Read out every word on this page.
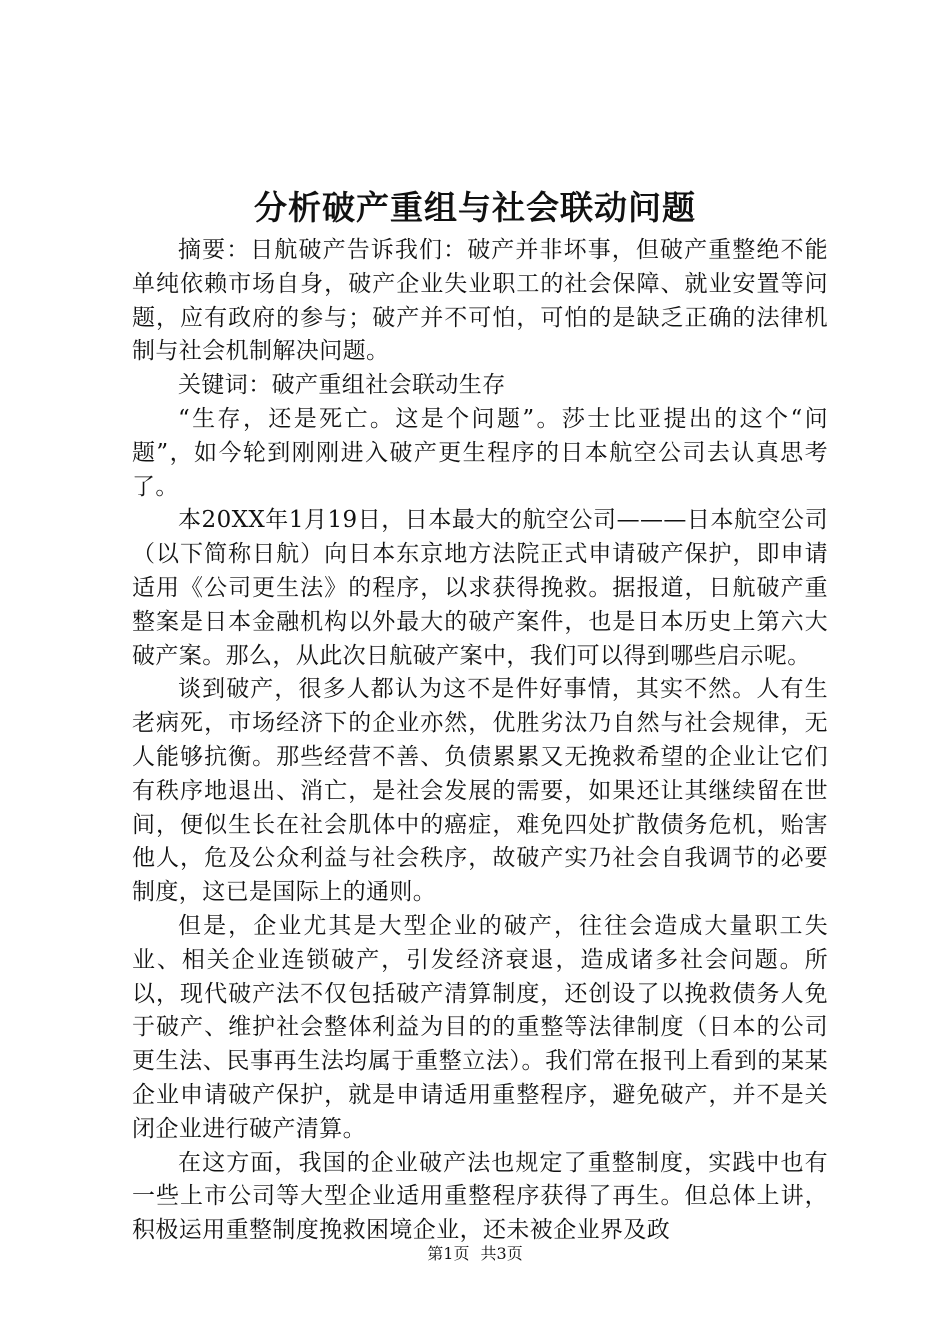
分析破产重组与社会联动问题

摘要：日航破产告诉我们：破产并非坏事，但破产重整绝不能单纯依赖市场自身，破产企业失业职工的社会保障、就业安置等问题，应有政府的参与；破产并不可怕，可怕的是缺乏正确的法律机制与社会机制解决问题。

关键词：破产重组社会联动生存

“生存，还是死亡。这是个问题”。莎士比亚提出的这个“问题”，如今轮到刚刚进入破产更生程序的日本航空公司去认真思考了。

本20XX年1月19日，日本最大的航空公司———日本航空公司（以下简称日航）向日本东京地方法院正式申请破产保护，即申请适用《公司更生法》的程序，以求获得挽救。据报道，日航破产重整案是日本金融机构以外最大的破产案件，也是日本历史上第六大破产案。那么，从此次日航破产案中，我们可以得到哪些启示呢。

谈到破产，很多人都认为这不是件好事情，其实不然。人有生老病死，市场经济下的企业亦然，优胜劣汰乃自然与社会规律，无人能够抗衡。那些经营不善、负债累累又无挽救希望的企业让它们有秩序地退出、消亡，是社会发展的需要，如果还让其继续留在世间，便似生长在社会肌体中的癌症，难免四处扩散债务危机，贻害他人，危及公众利益与社会秩序，故破产实乃社会自我调节的必要制度，这已是国际上的通则。

但是，企业尤其是大型企业的破产，往往会造成大量职工失业、相关企业连锁破产，引发经济衰退，造成诸多社会问题。所以，现代破产法不仅包括破产清算制度，还创设了以挽救债务人免于破产、维护社会整体利益为目的的重整等法律制度（日本的公司更生法、民事再生法均属于重整立法）。我们常在报刊上看到的某某企业申请破产保护，就是申请适用重整程序，避免破产，并不是关闭企业进行破产清算。

在这方面，我国的企业破产法也规定了重整制度，实践中也有一些上市公司等大型企业适用重整程序获得了再生。但总体上讲，积极运用重整制度挽救困境企业，还未被企业界及政

第1页 共3页
